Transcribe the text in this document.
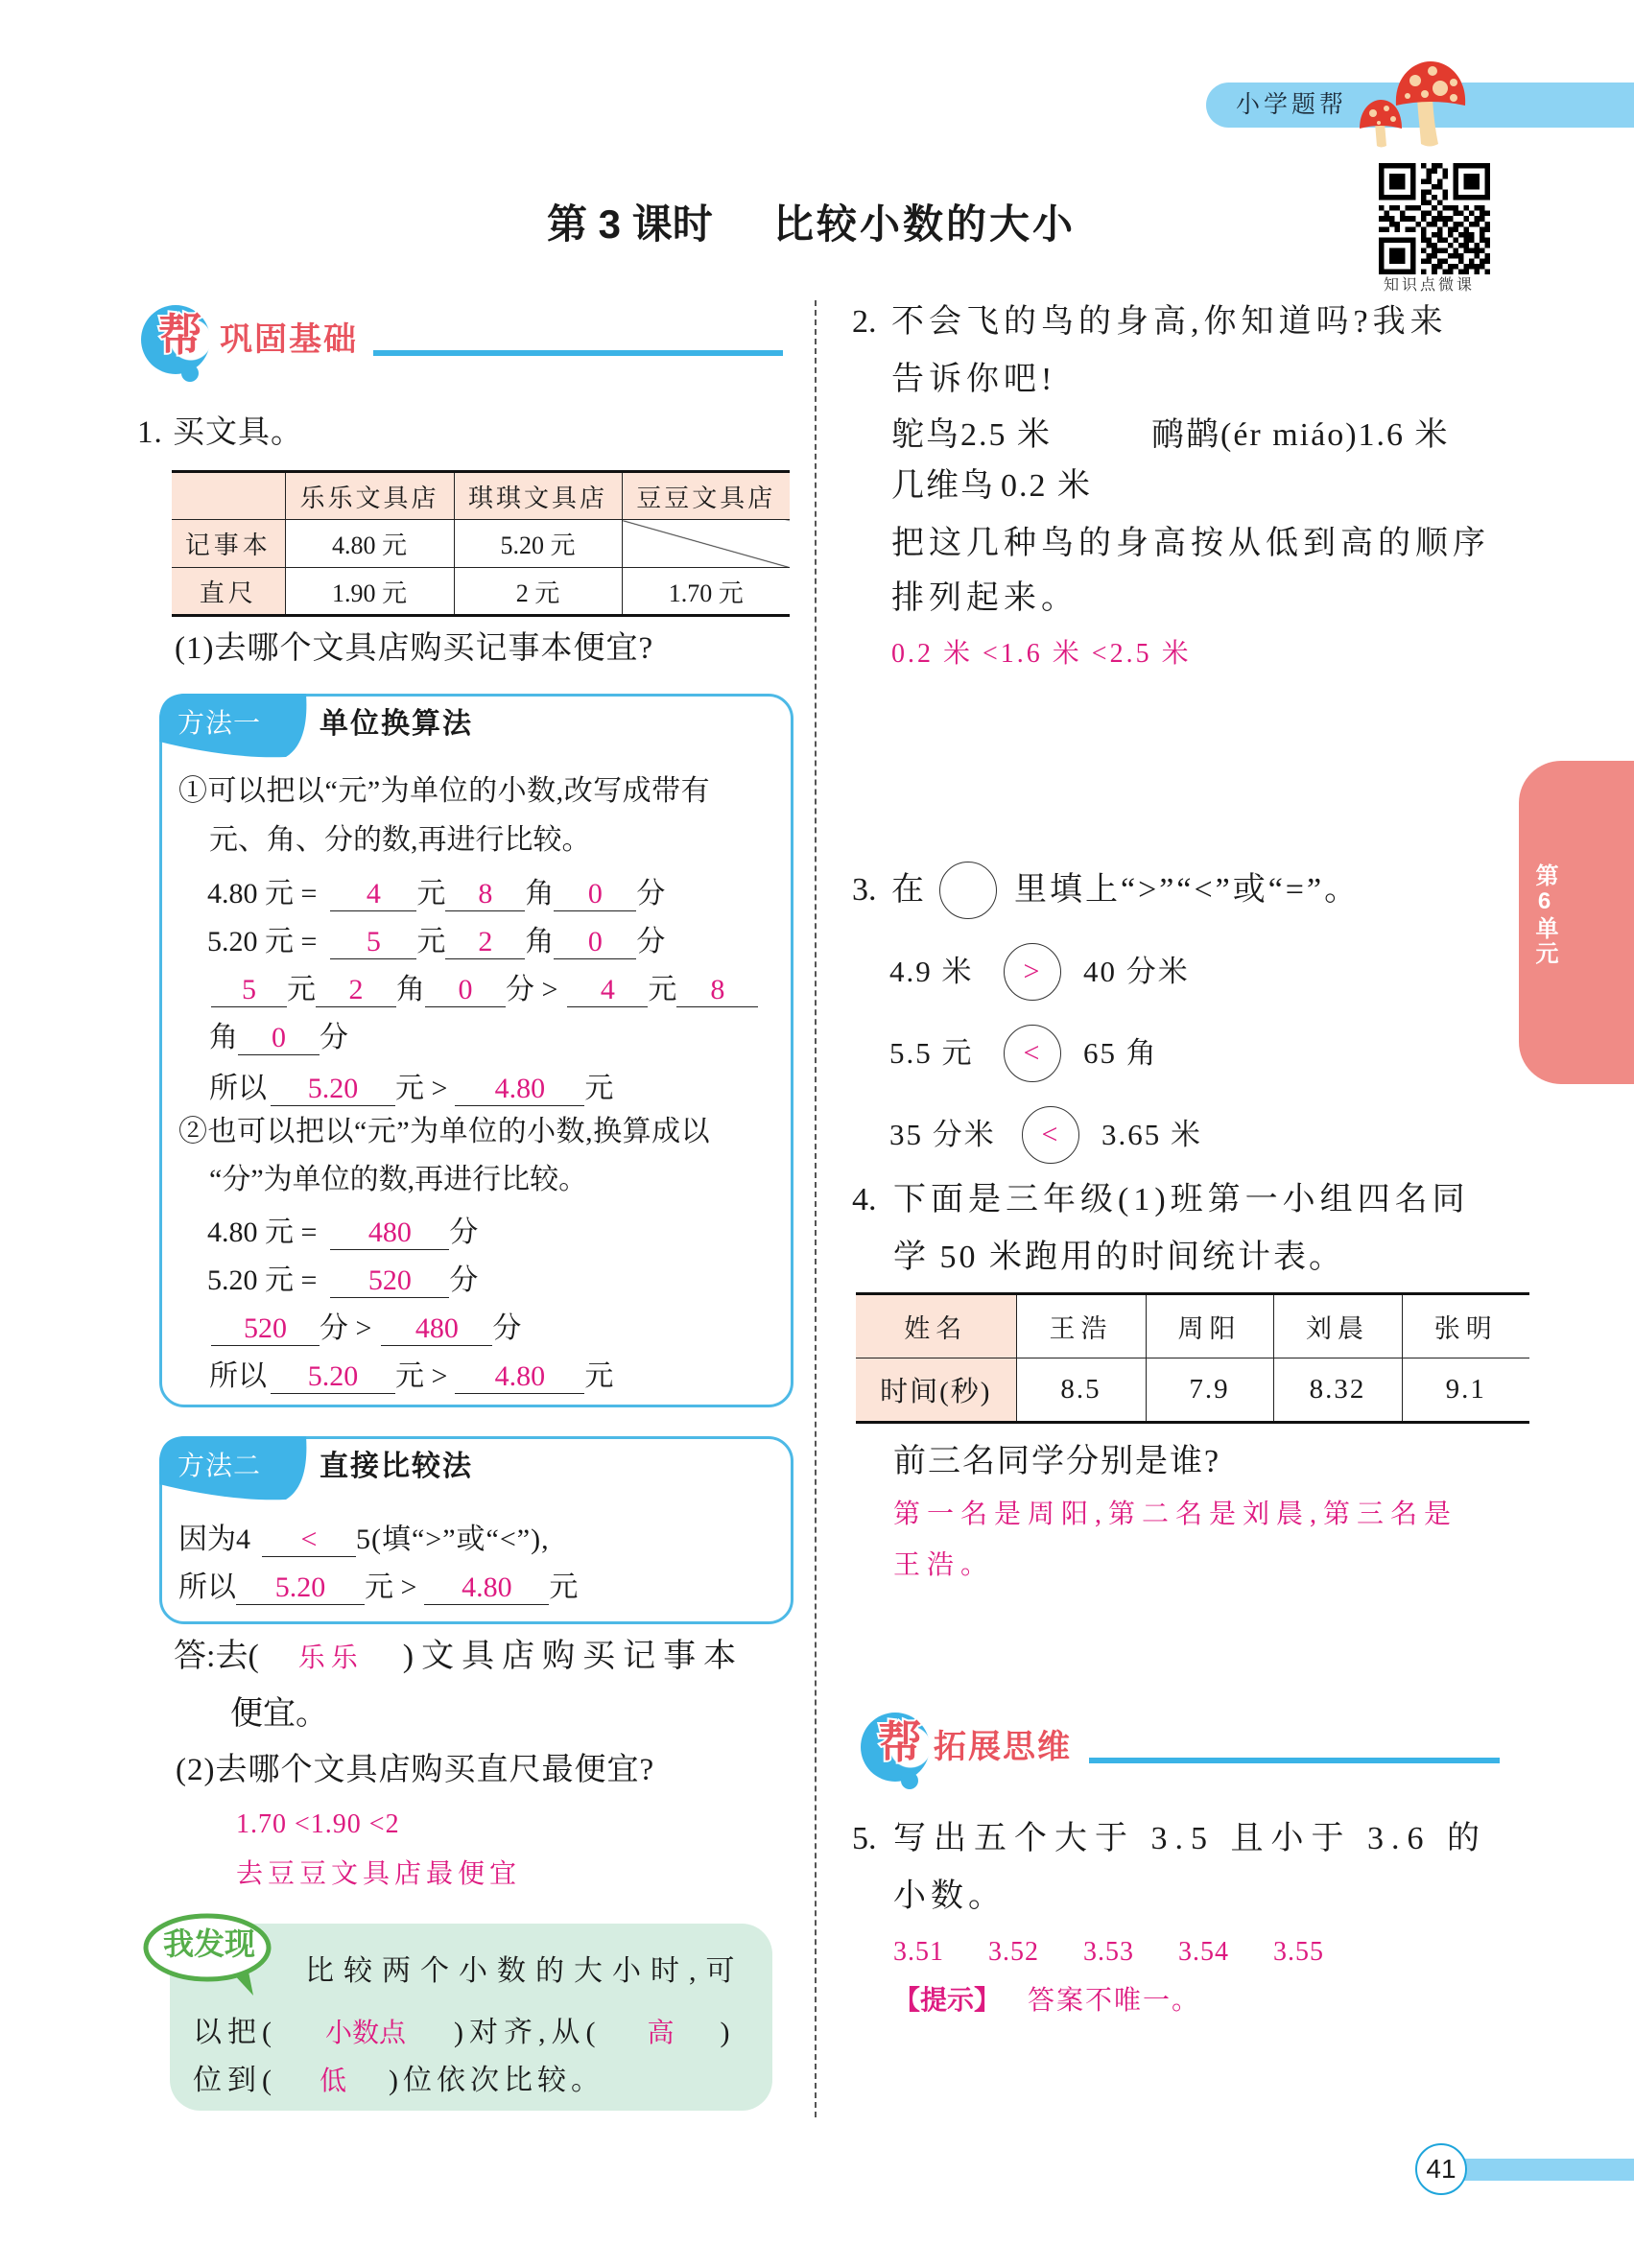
小学题帮
知识点微课
第 3 课时 比较小数的大小
帮 巩固基础
1. 买文具。
	乐乐文具店	琪琪文具店	豆豆文具店
记事本	4.80 元	5.20 元	
直尺	1.90 元	2 元	1.70 元
(1)去哪个文具店购买记事本便宜?
方法一 单位换算法
①可以把以“元”为单位的小数,改写成带有
元、角、分的数,再进行比较。
4.80 元 =	4	元	8	角	0	分
5.20 元 =	5	元	2	角	0	分
5	元	2	角	0	分 >	4	元	8
角	0	分
所以	5.20	元 >	4.80	元
②也可以把以“元”为单位的小数,换算成以
“分”为单位的数,再进行比较。
4.80 元 =	480	分
5.20 元 =	520	分
520	分 >	480	分
所以	5.20	元 >	4.80	元
方法二 直接比较法
因为4	<	5(填“>”或“<”),
所以	5.20	元 >	4.80	元
答:去(	乐乐	)文具店购买记事本
便宜。
(2)去哪个文具店购买直尺最便宜?
1.70 <1.90 <2
去豆豆文具店最便宜
我发现
比较两个小数的大小时,可
以把(	小数点	)对齐,从(	高	)
位到(	低	)位依次比较。
2. 不会飞的鸟的身高,你知道吗?我来
告诉你吧!
鸵鸟 2.5 米	鸸鹋(ér miáo) 1.6 米
几维鸟 0.2 米
把这几种鸟的身高按从低到高的顺序
排列起来。
0.2 米 <1.6 米 <2.5 米
3. 在	里填上“>”“<”或“=”。
4.9 米	>	40 分米
5.5 元	<	65 角
35 分米	<	3.65 米
4. 下面是三年级(1)班第一小组四名同
学 50 米跑用的时间统计表。
姓名	王浩	周阳	刘晨	张明
时间(秒)	8.5	7.9	8.32	9.1
前三名同学分别是谁?
第一名是周阳,第二名是刘晨,第三名是
王浩。
帮 拓展思维
5. 写出五个大于 3.5 且小于 3.6 的
小数。
3.51	3.52	3.53	3.54	3.55
【提示】 答案不唯一。
第6单元
41
